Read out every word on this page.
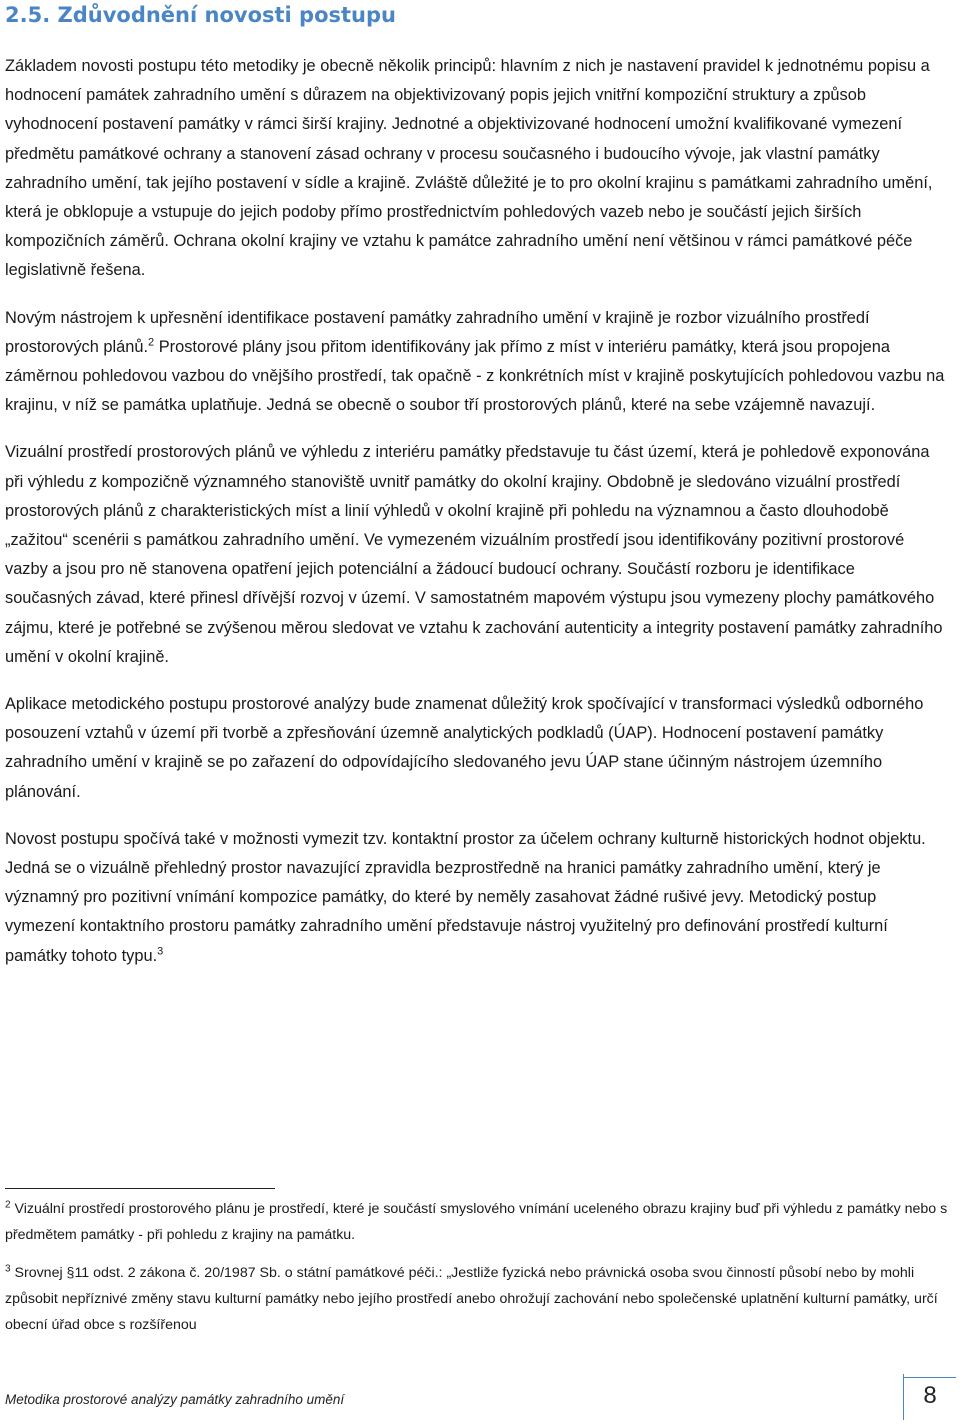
2.5. Zdůvodnění novosti postupu

Základem novosti postupu této metodiky je obecně několik principů: hlavním z nich je nastavení pravidel k jednotnému popisu a hodnocení památek zahradního umění s důrazem na objektivizovaný popis jejich vnitřní kompoziční struktury a způsob vyhodnocení postavení památky v rámci širší krajiny. Jednotné a objektivizované hodnocení umožní kvalifikované vymezení předmětu památkové ochrany a stanovení zásad ochrany v procesu současného i budoucího vývoje, jak vlastní památky zahradního umění, tak jejího postavení v sídle a krajině. Zvláště důležité je to pro okolní krajinu s památkami zahradního umění, která je obklopuje a vstupuje do jejich podoby přímo prostřednictvím pohledových vazeb nebo je součástí jejich širších kompozičních záměrů. Ochrana okolní krajiny ve vztahu k památce zahradního umění není většinou v rámci památkové péče legislativně řešena.

Novým nástrojem k upřesnění identifikace postavení památky zahradního umění v krajině je rozbor vizuálního prostředí prostorových plánů.$^2$ Prostorové plány jsou přitom identifikovány jak přímo z míst v interiéru památky, která jsou propojena záměrnou pohledovou vazbou do vnějšího prostředí, tak opačně - z konkrétních míst v krajině poskytujících pohledovou vazbu na krajinu, v níž se památka uplatňuje. Jedná se obecně o soubor tří prostorových plánů, které na sebe vzájemně navazují.

Vizuální prostředí prostorových plánů ve výhledu z interiéru památky představuje tu část území, která je pohledově exponována při výhledu z kompozičně významného stanoviště uvnitř památky do okolní krajiny. Obdobně je sledováno vizuální prostředí prostorových plánů z charakteristických míst a linií výhledů v okolní krajině při pohledu na významnou a často dlouhodobě „zažitou“ scenérii s památkou zahradního umění. Ve vymezeném vizuálním prostředí jsou identifikovány pozitivní prostorové vazby a jsou pro ně stanovena opatření jejich potenciální a žádoucí budoucí ochrany. Součástí rozboru je identifikace současných závad, které přinesl dřívější rozvoj v území. V samostatném mapovém výstupu jsou vymezeny plochy památkového zájmu, které je potřebné se zvýšenou měrou sledovat ve vztahu k zachování autenticity a integrity postavení památky zahradního umění v okolní krajině.

Aplikace metodického postupu prostorové analýzy bude znamenat důležitý krok spočívající v transformaci výsledků odborného posouzení vztahů v území při tvorbě a zpřesňování územně analytických podkladů (ÚAP). Hodnocení postavení památky zahradního umění v krajině se po zařazení do odpovídajícího sledovaného jevu ÚAP stane účinným nástrojem územního plánování.

Novost postupu spočívá také v možnosti vymezit tzv. kontaktní prostor za účelem ochrany kulturně historických hodnot objektu. Jedná se o vizuálně přehledný prostor navazující zpravidla bezprostředně na hranici památky zahradního umění, který je významný pro pozitivní vnímání kompozice památky, do které by neměly zasahovat žádné rušivé jevy. Metodický postup vymezení kontaktního prostoru památky zahradního umění představuje nástroj využitelný pro definování prostředí kulturní památky tohoto typu.$^3$

$^2$ Vizuální prostředí prostorového plánu je prostředí, které je součástí smyslového vnímání uceleného obrazu krajiny buď při výhledu z památky nebo s předmětem památky - při pohledu z krajiny na památku.

$^3$ Srovnej §11 odst. 2 zákona č. 20/1987 Sb. o státní památkové péči.: „Jestliže fyzická nebo právnická osoba svou činností působí nebo by mohli způsobit nepříznivé změny stavu kulturní památky nebo jejího prostředí anebo ohrožují zachování nebo společenské uplatnění kulturní památky, určí obecní úřad obce s rozšířenou

Metodika prostorové analýzy památky zahradního umění	8
